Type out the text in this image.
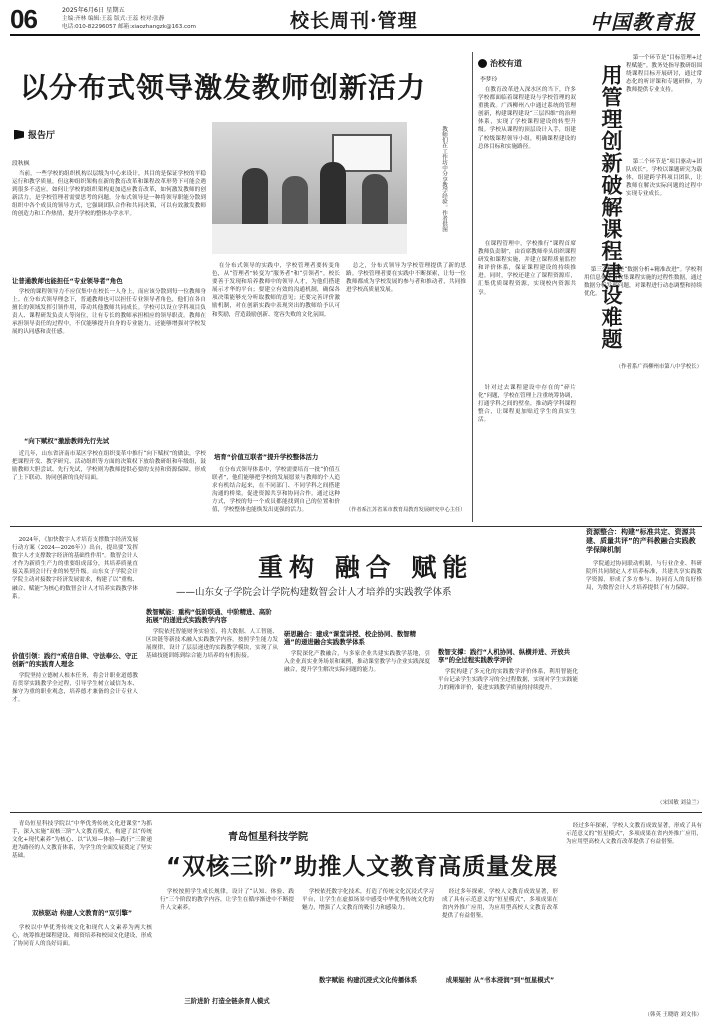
06	2025年6月6日 星期五
主编:齐林 编辑:王蕊 版式:王蕊 校对:张静
电话:010-82296057 邮箱:xiaozhangzk@163.com	校长周刊·管理	中国教育报
以分布式领导激发教师创新活力
报告厅
段秋枫

当前，一些学校的组织机构以层级为中心来设计，其目的是保证学校的平稳运行和教学质量，但这种组织架构在新的教育改革和课程改革形势下可能会遇到很多不适应。如何让学校的组织架构更加适应教育改革，如何激发教师的创新活力，是学校管理者需要思考的问题。分布式领导是一种将领导职能分散到组织中各个成员的领导方式，它强调团队合作和共同决策，可以有效激发教师的创造力和工作热情，提升学校的整体办学水平。

让普通教师也能担任“专业领导者”角色

学校的课程领导力不应仅集中在校长一人身上，而应该分散到每一位教师身上。在分布式领导理念下，普通教师也可以担任专业领导者角色，他们在各自擅长的领域发挥引领作用，带动其他教师共同成长。学校可以设立学科项目负责人、课程研发负责人等岗位，让有专长的教师承担相应的领导职责。教师在承担领导责任的过程中，不仅能够提升自身的专业能力，还能够增强对学校发展的认同感和责任感。

“向下赋权”激励教师先行先试

近几年，山东省济南市某区学校在组织变革中推行“向下赋权”的做法，学校把课程开发、教学研究、活动组织等方面的决策权下放给教研组和年级组，鼓励教师大胆尝试、先行先试，学校则为教师提供必要的支持和资源保障，形成了上下联动、协同创新的良好局面。

教师们在工作坊中分享教学经验。作者供图

在分布式领导的实践中，学校管理者要转变角色，从“管理者”转变为“服务者”和“引领者”。校长要善于发现和培养教师中的领导人才，为他们搭建展示才华的平台；要建立有效的沟通机制，确保各项决策能够充分听取教师的意见；还要完善评价激励机制，对在创新实践中表现突出的教师给予认可和奖励，营造鼓励创新、宽容失败的文化氛围。

培育“价值互联者”提升学校整体活力

在分布式领导体系中，学校需要培育一批“价值互联者”，他们能够把学校的发展愿景与教师的个人追求有机结合起来，在不同部门、不同学科之间搭建沟通的桥梁，促进资源共享和协同合作。通过这种方式，学校的每一个成员都能找到自己的位置和价值，学校整体也能焕发出更强的活力。

总之，分布式领导为学校管理提供了新的思路。学校管理者要在实践中不断探索，让每一位教师都成为学校发展的参与者和推动者，共同推进学校高质量发展。

（作者系江苏省某市教育局教育发展研究中心主任）

治校有道
李梦玲	用管理创新破解课程建设难题

在教育改革进入深水区的当下，许多学校都面临着课程建设与学校管理的双重挑战。广西柳州八中通过系统的管理创新，构建课程建设“三层四维”的治理体系，实现了学校课程建设的转型升级。学校从课程的顶层设计入手，组建了校级课程领导小组，明确课程建设的总体目标和实施路径。

在课程管理中，学校推行“课程首席教师负责制”，由首席教师牵头组织课程研发和课程实施，并建立课程质量监控和评价体系，保证课程建设的持续推进。同时，学校还建立了课程资源库，汇集优质课程资源，实现校内资源共享。

针对过去课程建设中存在的“碎片化”问题，学校在管理上注重统筹协调，打通学科之间的壁垒，推动跨学科课程整合，让课程更加贴近学生的真实生活。

第一个环节是“目标管理+过程赋能”。教务处指导教研组围绕课程目标开展研讨，通过常态化的听评课和专题研修，为教师提供专业支持。

第二个环节是“项目驱动+团队成长”。学校以课题研究为载体，组建跨学科项目团队，让教师在解决实际问题的过程中实现专业成长。

第三个环节是“数据分析+精准改进”。学校利用信息化平台收集课程实施的过程性数据，通过数据分析发现问题，对课程进行动态调整和持续优化。

（作者系广西柳州市第八中学校长）

2024年，《加快数字人才培育支撑数字经济发展行动方案（2024—2026年）》出台，提出要“发挥数字人才支撑数字经济的基础性作用”。数智会计人才作为新质生产力的重要组成部分，其培养质量直接关系到会计行业的转型升级。山东女子学院会计学院主动对接数字经济发展需求，构建了以“重构、融合、赋能”为核心的数智会计人才培养实践教学体系。

重构 融合 赋能
——山东女子学院会计学院构建数智会计人才培养的实践教学体系
资源整合：构建“标准共定、资源共建、质量共评”的产科教融合实践教学保障机制
价值引领：践行“戒信自律、守法奉公、守正创新”的实践育人理念

学院坚持立德树人根本任务，将会计职业道德教育贯穿实践教学全过程，引导学生树立诚信为本、操守为重的职业观念，培养德才兼备的会计专业人才。

教智赋能：重构“低阶联通、中阶精进、高阶拓展”的递进式实践教学内容

学院依托智能财务实验室，将大数据、人工智能、区块链等新技术融入实践教学内容，按照学生能力发展规律，设计了层层递进的实践教学模块，实现了从基础技能训练到综合能力培养的有机衔接。

研思融合：建成“课堂讲授、校企协同、数智精通”的递进融合实践教学体系

学院深化产教融合，与多家企业共建实践教学基地，引入企业真实业务场景和案例，推动课堂教学与企业实践深度融合，提升学生解决实际问题的能力。

数智支撑：践行“人机协同、纵横并进、开放共享”的全过程实践教学评价

学院构建了多元化的实践教学评价体系，利用智能化平台记录学生实践学习的全过程数据，实现对学生实践能力的精准评价，促进实践教学质量的持续提升。

学院通过协同联动机制，与行业企业、科研院所共同制定人才培养标准，共建共享实践教学资源，形成了多方参与、协同育人的良好格局，为数智会计人才培养提供了有力保障。

（宋国敏 刘益兰）

青岛恒星科技学院以“中华优秀传统文化进课堂”为抓手，深入实施“双核三阶”人文教育模式，构建了以“传统文化+现代素养”为核心、以“认知—体验—践行”三阶递进为路径的人文教育体系，为学生的全面发展奠定了坚实基础。

青岛恒星科技学院
“双核三阶”助推人文教育高质量发展
双核驱动 构建人文教育的“双引擎”

学校以中华优秀传统文化和现代人文素养为两大核心，统筹推进课程建设、师资培养和校园文化建设，形成了协同育人的良好局面。

学校按照学生成长规律，设计了“认知、体验、践行”三个阶段的教学内容，让学生在循序渐进中不断提升人文素养。

三阶进阶 打造全链条育人模式

学校依托数字化技术，打造了传统文化沉浸式学习平台，让学生在虚拟场景中感受中华优秀传统文化的魅力，增强了人文教育的吸引力和感染力。

数字赋能 构建沉浸式文化传播体系

经过多年探索，学校人文教育成效显著，形成了具有示范意义的“恒星模式”，多项成果在省内外推广应用，为应用型高校人文教育改革提供了有益借鉴。

成果辐射 从“书本浸润”到“恒星模式”

经过多年探索，学校人文教育成效显著，形成了具有示范意义的“恒星模式”，多项成果在省内外推广应用，为应用型高校人文教育改革提供了有益借鉴。

（韩英 王晓晗 刘文伟）
